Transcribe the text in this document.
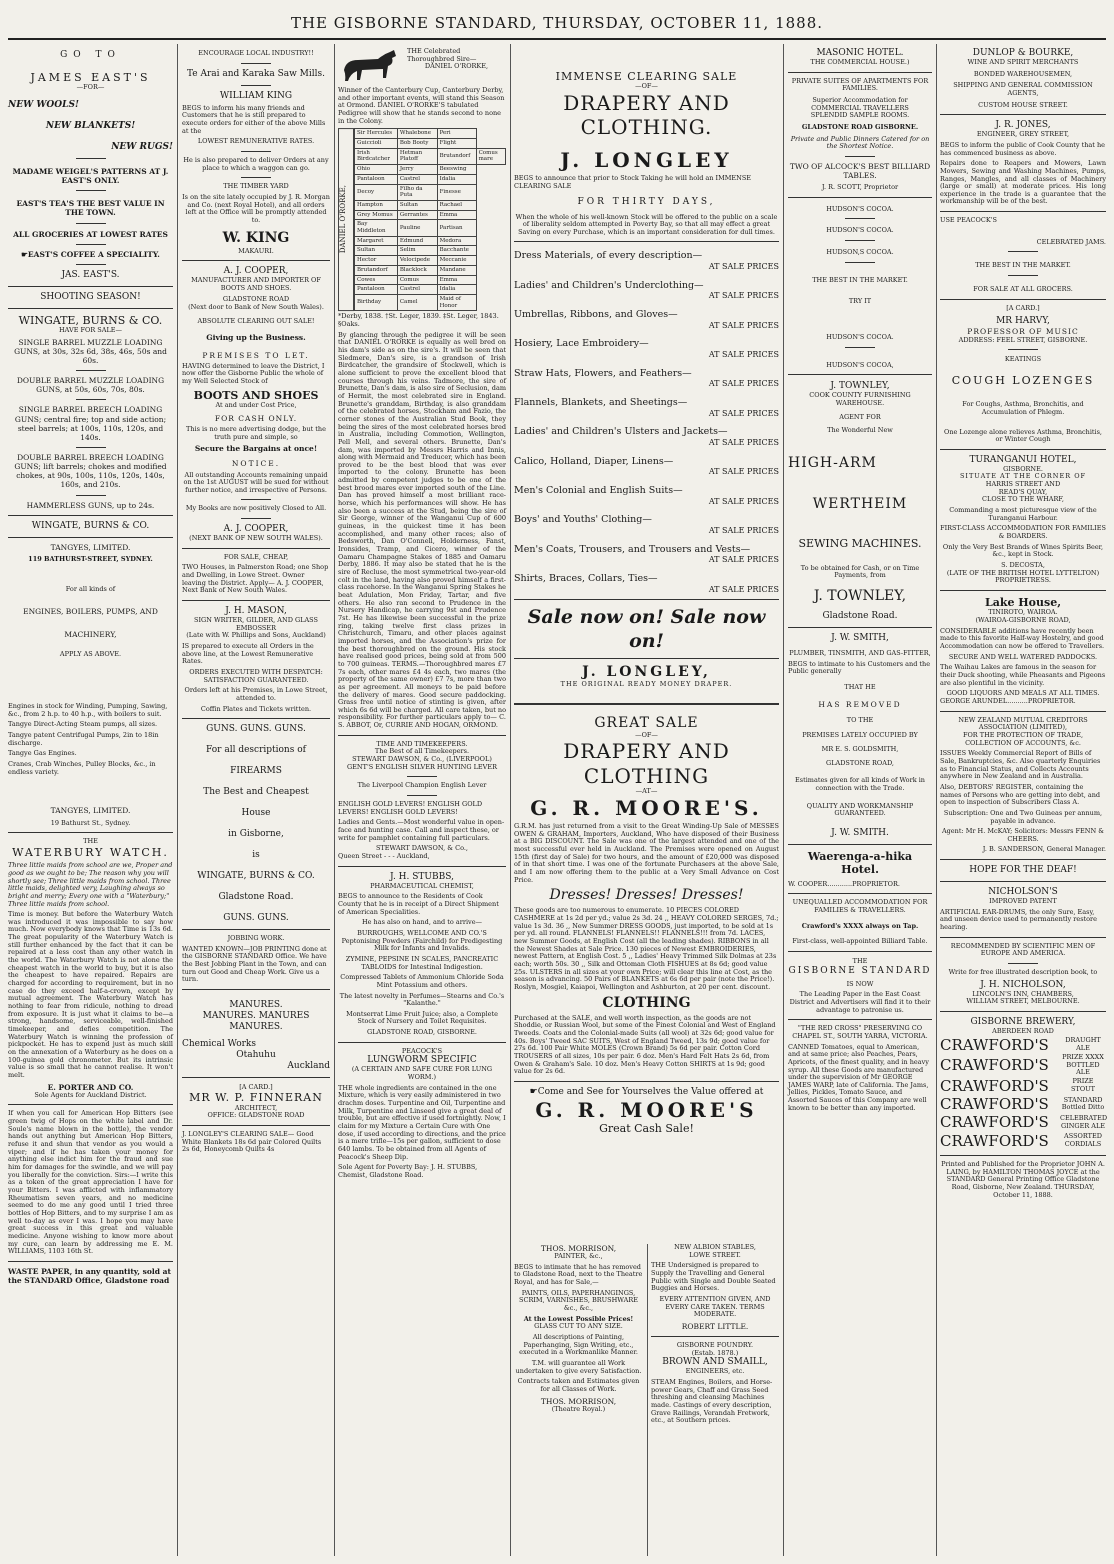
THE GISBORNE STANDARD, THURSDAY, OCTOBER 11, 1888.
GO TO
JAMES EAST'S
—FOR—
NEW WOOLS!
NEW BLANKETS!
NEW RUGS!
MADAME WEIGEL'S PATTERNS AT J. EAST'S ONLY.
EAST'S TEA'S THE BEST VALUE IN THE TOWN.
ALL GROCERIES AT LOWEST RATES
☛EAST'S COFFEE A SPECIALITY.
JAS. EAST'S.
SHOOTING SEASON!
WINGATE, BURNS & CO.
HAVE FOR SALE—

SINGLE BARREL MUZZLE LOADING GUNS, at 30s, 32s 6d, 38s, 46s, 50s and 60s.

DOUBLE BARREL MUZZLE LOADING GUNS, at 50s, 60s, 70s, 80s.

SINGLE BARREL BREECH LOADING GUNS; central fire; top and side action; steel barrels; at 100s, 110s, 120s, and 140s.

DOUBLE BARREL BREECH LOADING GUNS; lift barrels; chokes and modified chokes, at 90s, 100s, 110s, 120s, 140s, 160s, and 210s.

HAMMERLESS GUNS, up to 24s.

WINGATE, BURNS & CO.
TANGYES, LIMITED.
119 BATHURST-STREET, SYDNEY.
For all kinds of
ENGINES, BOILERS, PUMPS, AND
MACHINERY,
APPLY AS ABOVE.

Engines in stock for Winding, Pumping, Sawing, &c., from 2 h.p. to 40 h.p., with boilers to suit.

Tangye Direct-Acting Steam pumps, all sizes.

Tangye patent Centrifugal Pumps, 2in to 18in discharge.

Tangye Gas Engines.

Cranes, Crab Winches, Pulley Blocks, &c., in endless variety.

TANGYES, LIMITED.
19 Bathurst St., Sydney.
THE
WATERBURY WATCH.

Three little maids from school are we, Proper and good as we ought to be; The reason why you will shortly see; Three little maids from school. Three little maids, delighted very, Laughing always so bright and merry; Every one with a "Waterbury;" Three little maids from school.

Time is money. But before the Waterbury Watch was introduced it was impossible to say how much. Now everybody knows that Time is 13s 6d. The great popularity of the Waterbury Watch is still further enhanced by the fact that it can be repaired at a less cost than any other watch in the world. The Waterbury Watch is not alone the cheapest watch in the world to buy, but it is also the cheapest to have repaired. Repairs are charged for according to requirement, but in no case do they exceed half-a-crown, except by mutual agreement. The Waterbury Watch has nothing to fear from ridicule, nothing to dread from exposure. It is just what it claims to be—a strong, handsome, serviceable, well-finished timekeeper, and defies competition. The Waterbury Watch is winning the profession of pickpocket. He has to expend just as much skill on the annexation of a Waterbury as he does on a 100-guinea gold chronometer. But its intrinsic value is so small that he cannot realise. It won't melt.

E. PORTER AND CO.
Sole Agents for Auckland District.

If when you call for American Hop Bitters (see green twig of Hops on the white label and Dr. Soule's name blown in the bottle), the vendor hands out anything but American Hop Bitters, refuse it and shun that vendor as you would a viper; and if he has taken your money for anything else indict him for the fraud and sue him for damages for the swindle, and we will pay you liberally for the conviction. Sirs:—I write this as a token of the great appreciation I have for your Bitters. I was afflicted with inflammatory Rheumatism seven years, and no medicine seemed to do me any good until I tried three bottles of Hop Bitters, and to my surprise I am as well to-day as ever I was. I hope you may have great success in this great and valuable medicine. Anyone wishing to know more about my cure, can learn by addressing me E. M. WILLIAMS, 1103 16th St.

WASTE PAPER, in any quantity, sold at the STANDARD Office, Gladstone road

ENCOURAGE LOCAL INDUSTRY!!
Te Arai and Karaka Saw Mills.
WILLIAM KING

BEGS to inform his many friends and Customers that he is still prepared to execute orders for either of the above Mills at the

LOWEST REMUNERATIVE RATES.

He is also prepared to deliver Orders at any place to which a waggon can go.

THE TIMBER YARD

Is on the site lately occupied by J. R. Morgan and Co. (next Royal Hotel), and all orders left at the Office will be promptly attended to.

W. KING
MAKAURI.
A. J. COOPER,
MANUFACTURER AND IMPORTER OF BOOTS AND SHOES.
GLADSTONE ROAD
(Next door to Bank of New South Wales).
ABSOLUTE CLEARING OUT SALE!
Giving up the Business.
PREMISES TO LET.

HAVING determined to leave the District, I now offer the Gisborne Public the whole of my Well Selected Stock of

BOOTS AND SHOES
At and under Cost Price,
FOR CASH ONLY.

This is no mere advertising dodge, but the truth pure and simple, so

Secure the Bargains at once!
NOTICE.

All outstanding Accounts remaining unpaid on the 1st AUGUST will be sued for without further notice, and irrespective of Persons.

My Books are now positively Closed to All.

A. J. COOPER,
(NEXT BANK OF NEW SOUTH WALES).
FOR SALE, CHEAP,

TWO Houses, in Palmerston Road; one Shop and Dwelling, in Lowe Street. Owner leaving the District. Apply— A. J. COOPER, Next Bank of New South Wales.

J. H. MASON,
SIGN WRITER, GILDER, AND GLASS EMBOSSER
(Late with W. Phillips and Sons, Auckland)

IS prepared to execute all Orders in the above line, at the Lowest Remunerative Rates.

ORDERS EXECUTED WITH DESPATCH: SATISFACTION GUARANTEED.

Orders left at his Premises, in Lowe Street, attended to.

Coffin Plates and Tickets written.

GUNS. GUNS. GUNS.
For all descriptions of
FIREARMS
The Best and Cheapest
House
in Gisborne,
is
WINGATE, BURNS & CO.
Gladstone Road.
GUNS. GUNS.
JOBBING WORK.

WANTED KNOWN—JOB PRINTING done at the GISBORNE STANDARD Office. We have the Best Jobbing Plant in the Town, and can turn out Good and Cheap Work. Give us a turn.

MANURES.
MANURES. MANURES
MANURES.
Chemical Works
Otahuhu
Auckland
[A CARD.]
MR W. P. FINNERAN
ARCHITECT,
OFFICE: GLADSTONE ROAD

J. LONGLEY'S CLEARING SALE— Good White Blankets 18s 6d pair Colored Quilts 2s 6d, Honeycomb Quilts 4s

THE Celebrated Thoroughbred Sire—
DANIEL O'RORKE,

Winner of the Canterbury Cup, Canterbury Derby, and other important events, will stand this Season at Ormond. DANIEL O'RORKE'S tabulated Pedigree will show that he stands second to none in the Colony.

DANIEL O'RORKE,
Sir Hercules	Whalebone	Peri	
Guiccioli	Bob Booty	Flight	
Irish Birdcatcher	Hetman Platoff	Brutandorf	Comus mare
Ohio	Jerry	Beeswing	
Pantaloon	Castrel	Idalia	
Decoy	Filho da Puta	Finesse	
Hampton	Sultan	Rachael	
Grey Momus	Gerrantes	Emma	
Bay Middleton	Pauline	Partisan	
Margaret	Edmund	Medora	
Sultan	Selim	Bacchante	
Hector	Velocipede	Meccanie	
Brutandorf	Blacklock	Mandane	
Cowes	Comus	Emma	
Pantaloon	Castrel	Idalia	
Birthday	Camel	Maid of Honor	
*Derby, 1838. †St. Leger, 1839. ‡St. Leger, 1843. §Oaks.

By glancing through the pedigree it will be seen that DANIEL O'RORKE is equally as well bred on his dam's side as on the sire's. It will be seen that Sledmere, Dan's sire, is a grandson of Irish Birdcatcher, the grandsire of Stockwell, which is alone sufficient to prove the excellent blood that courses through his veins. Tadmore, the sire of Brunette, Dan's dam, is also sire of Seclusion, dam of Hermit, the most celebrated sire in England. Brunette's granddam, Birthday, is also granddam of the celebrated horses, Stockham and Fazio, the corner stones of the Australian Stud Book, they being the sires of the most celebrated horses bred in Australia, including Commotion, Wellington, Pell Mell, and several others. Brunette, Dan's dam, was imported by Messrs Harris and Innis, along with Mermaid and Treducer, which has been proved to be the best blood that was ever imported to the colony. Brunette has been admitted by competent judges to be one of the best brood mares ever imported south of the Line. Dan has proved himself a most brilliant race-horse, which his performances will show. He has also been a success at the Stud, being the sire of Sir George, winner of the Wanganui Cup of 600 guineas, in the quickest time it has been accomplished, and many other races; also of Bedsworth, Dan O'Connell, Holderness, Fanst, Ironsides, Tramp, and Cicero, winner of the Oamaru Champagne Stakes of 1885 and Oamaru Derby, 1886. It may also be stated that he is the sire of Recluse, the most symmetrical two-year-old colt in the land, having also proved himself a first-class racehorse. In the Wanganui Spring Stakes he beat Adulation, Mon Friday, Tartar, and five others. He also ran second to Prudence in the Nursery Handicap, he carrying 9st and Prudence 7st. He has likewise been successful in the prize ring, taking twelve first class prizes in Christchurch, Timaru, and other places against imported horses, and the Association's prize for the best thoroughbred on the ground. His stock have realised good prices, being sold at from 500 to 700 guineas. TERMS.—Thoroughbred mares £7 7s each, other mares £4 4s each, two mares (the property of the same owner) £7 7s, more than two as per agreement. All moneys to be paid before the delivery of mares. Good secure paddocking. Grass free until notice of stinting is given, after which 6s 6d will be charged. All care taken, but no responsibility. For further particulars apply to— C. S. ABBOT, Or, CURRIE AND HOGAN, ORMOND.

TIME AND TIMEKEEPERS.
The Best of all Timekeepers.
STEWART DAWSON, & Co., (LIVERPOOL)
GENT'S ENGLISH SILVER HUNTING LEVER
The Liverpool Champion English Lever
ENGLISH GOLD LEVERS! ENGLISH GOLD LEVERS! ENGLISH GOLD LEVERS!

Ladies and Gents.—Most wonderful value in open-face and hunting case. Call and inspect these, or write for pamphlet containing full particulars.

STEWART DAWSON, & Co.,
Queen Street - - - Auckland,
J. H. STUBBS,
PHARMACEUTICAL CHEMIST,

BEGS to announce to the Residents of Cook County that he is in receipt of a Direct Shipment of American Specialities.

He has also on hand, and to arrive—

BURROUGHS, WELLCOME AND CO.'S Peptonising Powders (Fairchild) for Predigesting Milk for Infants and Invalids.

ZYMINE, PEPSINE IN SCALES, PANCREATIC TABLOIDS for Intestinal Indigestion.

Compressed Tablets of Ammonium Chloride Soda Mint Potassium and others.

The latest novelty in Perfumes—Stearns and Co.'s "Kalanthe."

Montserrat Lime Fruit Juice; also, a Complete Stock of Nursery and Toilet Requisites.

GLADSTONE ROAD, GISBORNE.
PEACOCK'S
LUNGWORM SPECIFIC
(A CERTAIN AND SAFE CURE FOR LUNG WORM.)

THE whole ingredients are contained in the one Mixture, which is very easily administered in two drachm doses. Turpentine and Oil, Turpentine and Milk, Turpentine and Linseed give a great deal of trouble, but are effective if used fortnightly. Now, I claim for my Mixture a Certain Cure with One dose, if used according to directions, and the price is a mere trifle—15s per gallon, sufficient to dose 640 lambs. To be obtained from all Agents of Peacock's Sheep Dip.

Sole Agent for Poverty Bay: J. H. STUBBS, Chemist, Gladstone Road.
IMMENSE CLEARING SALE
—OF—
DRAPERY AND CLOTHING.
J. LONGLEY

BEGS to announce that prior to Stock Taking he will hold an IMMENSE CLEARING SALE

FOR THIRTY DAYS,

When the whole of his well-known Stock will be offered to the public on a scale of liberality seldom attempted in Poverty Bay, so that all may effect a great Saving on every Purchase, which is an important consideration for dull times.

Dress Materials, of every description—
AT SALE PRICES
Ladies' and Children's Underclothing—
AT SALE PRICES
Umbrellas, Ribbons, and Gloves—
AT SALE PRICES
Hosiery, Lace Embroidery—
AT SALE PRICES
Straw Hats, Flowers, and Feathers—
AT SALE PRICES
Flannels, Blankets, and Sheetings—
AT SALE PRICES
Ladies' and Children's Ulsters and Jackets—
AT SALE PRICES
Calico, Holland, Diaper, Linens—
AT SALE PRICES
Men's Colonial and English Suits—
AT SALE PRICES
Boys' and Youths' Clothing—
AT SALE PRICES
Men's Coats, Trousers, and Trousers and Vests—
AT SALE PRICES
Shirts, Braces, Collars, Ties—
AT SALE PRICES
Sale now on! Sale now on!
J. LONGLEY,
THE ORIGINAL READY MONEY DRAPER.
GREAT SALE
—OF—
DRAPERY AND CLOTHING
—AT—
G. R. MOORE'S.

G.R.M. has just returned from a visit to the Great Winding-Up Sale of MESSES OWEN & GRAHAM, Importers, Auckland, Who have disposed of their Business at a BIG DISCOUNT. The Sale was one of the largest attended and one of the most successful ever held in Auckland. The Premises were opened on August 15th (first day of Sale) for two hours, and the amount of £20,000 was disposed of in that short time. I was one of the fortunate Purchasers at the above Sale, and I am now offering them to the public at a Very Small Advance on Cost Price.

Dresses! Dresses! Dresses!

These goods are too numerous to enumerate. 10 PIECES COLORED CASHMERE at 1s 2d per yd.; value 2s 3d. 24 ,, HEAVY COLORED SERGES, 7d.; value 1s 3d. 36 ,, New Summer DRESS GOODS, just imported, to be sold at 1s per yd. all round. FLANNELS! FLANNELS!! FLANNELS!!! from 7d. LACES, new Summer Goods, at English Cost (all the leading shades). RIBBONS in all the Newest Shades at Sale Price. 130 pieces of Newest EMBROIDERIES, newest Pattern, at English Cost. 5 ,, Ladies' Heavy Trimmed Silk Dolmas at 23s each; worth 50s. 30 ,, Silk and Ottoman Cloth FISHUES at 8s 6d; good value 25s. ULSTERS in all sizes at your own Price; will clear this line at Cost, as the season is advancing. 50 Pairs of BLANKETS at 6s 6d per pair (note the Price!). Roslyn, Mosgiel, Kaiapoi, Wellington and Ashburton, at 20 per cent. discount.

CLOTHING

Purchased at the SALE, and well worth inspection, as the goods are not Shoddie, or Russian Wool, but some of the Finest Colonial and West of England Tweeds. Coats and the Colonial-made Suits (all wool) at 32s 6d; good value for 40s. Boys' Tweed SAC SUITS, West of England Tweed, 13s 9d; good value for 27s 6d. 100 Pair White MOLES (Crown Brand) 5s 6d per pair. Cotton Cord TROUSERS of all sizes, 10s per pair. 6 doz. Men's Hard Felt Hats 2s 6d, from Owen & Graham's Sale. 10 doz. Men's Heavy Cotton SHIRTS at 1s 9d; good value for 2s 6d.

☛Come and See for Yourselves the Value offered at
G. R. MOORE'S
Great Cash Sale!
THOS. MORRISON,
PAINTER, &c.,

BEGS to intimate that he has removed to Gladstone Road, next to the Theatre Royal, and has for Sale,—

PAINTS, OILS, PAPERHANGINGS, SCRIM, VARNISHES, BRUSHWARE &c., &c.,

At the Lowest Possible Prices!
GLASS CUT TO ANY SIZE.

All descriptions of Painting, Paperhanging, Sign Writing, etc., executed in a Workmanlike Manner.

T.M. will guarantee all Work undertaken to give every Satisfaction.

Contracts taken and Estimates given for all Classes of Work.

THOS. MORRISON,
(Theatre Royal.)
NEW ALBION STABLES,
LOWE STREET.

THE Undersigned is prepared to Supply the Travelling and General Public with Single and Double Seated Buggies and Horses.

EVERY ATTENTION GIVEN, AND EVERY CARE TAKEN. TERMS MODERATE.

ROBERT LITTLE.
GISBORNE FOUNDRY.
(Estab. 1878.)
BROWN AND SMAILL,
ENGINEERS, etc.

STEAM Engines, Boilers, and Horse-power Gears, Chaff and Grass Seed threshing and cleansing Machines made. Castings of every description, Grave Railings, Verandah Fretwork, etc., at Southern prices.

MASONIC HOTEL.
THE COMMERCIAL HOUSE.)
PRIVATE SUITES OF APARTMENTS FOR FAMILIES.
Superior Accommodation for COMMERCIAL TRAVELLERS
SPLENDID SAMPLE ROOMS.
GLADSTONE ROAD GISBORNE.
Private and Public Dinners Catered for on the Shortest Notice.
TWO OF ALCOCK'S BEST BILLIARD TABLES.
J. R. SCOTT, Proprietor
HUDSON'S COCOA.
HUDSON'S COCOA.
HUDSON,S COCOA.
THE BEST IN THE MARKET.
TRY IT
HUDSON'S COCOA.
HUDSON'S COCOA,
J. TOWNLEY,
COOK COUNTY FURNISHING WAREHOUSE.
AGENT FOR
The Wonderful New
HIGH-ARM
WERTHEIM
SEWING MACHINES.

To be obtained for Cash, or on Time Payments, from

J. TOWNLEY,
Gladstone Road.
J. W. SMITH,
PLUMBER, TINSMITH, AND GAS-FITTER,

BEGS to intimate to his Customers and the Public generally

THAT HE
HAS REMOVED
TO THE
PREMISES LATELY OCCUPIED BY
MR E. S. GOLDSMITH,
GLADSTONE ROAD,

Estimates given for all kinds of Work in connection with the Trade.

QUALITY AND WORKMANSHIP GUARANTEED.
J. W. SMITH.
Waerenga-a-hika Hotel.
W. COOPER............PROPRIETOR.
UNEQUALLED ACCOMMODATION FOR FAMILIES & TRAVELLERS.
Crawford's XXXX always on Tap.
First-class, well-appointed Billiard Table.
THE
GISBORNE STANDARD
IS NOW

The Leading Paper in the East Coast District and Advertisers will find it to their advantage to patronise us.

"THE RED CROSS" PRESERVING CO
CHAPEL ST., SOUTH YARRA, VICTORIA.

CANNED Tomatoes, equal to American, and at same price; also Peaches, Pears, Apricots, of the finest quality, and in heavy syrup. All these Goods are manufactured under the supervision of Mr GEORGE JAMES WARP, late of California. The Jams, Jellies, Pickles, Tomato Sauce, and Assorted Sauces of this Company are well known to be better than any imported.

DUNLOP & BOURKE,
WINE AND SPIRIT MERCHANTS
BONDED WAREHOUSEMEN,
SHIPPING AND GENERAL COMMISSION AGENTS,
CUSTOM HOUSE STREET.
J. R. JONES,
ENGINEER, GREY STREET,

BEGS to inform the public of Cook County that he has commenced business as above.

Repairs done to Reapers and Mowers, Lawn Mowers, Sewing and Washing Machines, Pumps, Ranges, Mangles, and all classes of Machinery (large or small) at moderate prices. His long experience in the trade is a guarantee that the workmanship will be of the best.

USE PEACOCK'S
CELEBRATED JAMS.
THE BEST IN THE MARKET.
FOR SALE AT ALL GROCERS.
[A CARD.]
MR HARVY,
PROFESSOR OF MUSIC
ADDRESS: FEEL STREET, GISBORNE.
KEATINGS
COUGH LOZENGES

For Coughs, Asthma, Bronchitis, and Accumulation of Phlegm.

One Lozenge alone relieves Asthma, Bronchitis, or Winter Cough

TURANGANUI HOTEL,
GISBORNE.
SITUATE AT THE CORNER OF
HARRIS STREET AND
READ'S QUAY,
CLOSE TO THE WHARF,

Commanding a most picturesque view of the Turanganui Harbour.

FIRST-CLASS ACCOMMODATION FOR FAMILIES & BOARDERS.

Only the Very Best Brands of Wines Spirits Beer, &c., kept in Stock.

S. DECOSTA,
(LATE OF THE BRITISH HOTEL LYTTELTON)
PROPRIETRESS.
Lake House,
TINIROTO, WAIROA.
(WAIROA-GISBORNE ROAD,

CONSIDERABLE additions have recently been made to this favorite Half-way Hostelry, and good Accommodation can now be offered to Travellers.

SECURE AND WELL WATERED PADDOCKS.

The Waihau Lakes are famous in the season for their Duck shooting, while Pheasants and Pigeons are also plentiful in the vicinity.

GOOD LIQUORS AND MEALS AT ALL TIMES.
GEORGE ARUNDEL..........PROPRIETOR.
NEW ZEALAND MUTUAL CREDITORS ASSOCIATION (LIMITED),
FOR THE PROTECTION OF TRADE, COLLECTION OF ACCOUNTS, &c.

ISSUES Weekly Commercial Report of Bills of Sale, Bankruptcies, &c. Also quarterly Enquiries as to Financial Status, and Collects Accounts anywhere in New Zealand and in Australia.

Also, DEBTORS' REGISTER, containing the names of Persons who are getting into debt, and open to inspection of Subscribers Class A.

Subscription: One and Two Guineas per annum, payable in advance.

Agent: Mr H. McKAY; Solicitors: Messrs FENN & CHEERS.

J. B. SANDERSON, General Manager.
HOPE FOR THE DEAF!
NICHOLSON'S
IMPROVED PATENT

ARTIFICIAL EAR-DRUMS, the only Sure, Easy, and unseen device used to permanently restore hearing.

RECOMMENDED BY SCIENTIFIC MEN OF EUROPE AND AMERICA.

Write for free illustrated description book, to

J. H. NICHOLSON,
LINCOLN'S INN, CHAMBERS,
WILLIAM STREET, MELBOURNE.
GISBORNE BREWERY,
ABERDEEN ROAD
CRAWFORD'S	DRAUGHT ALE
CRAWFORD'S	PRIZE XXXX BOTTLED ALE
CRAWFORD'S	PRIZE STOUT
CRAWFORD'S	STANDARD Bottled Ditto
CRAWFORD'S CELEBRATED GINGER ALE
CRAWFORD'S	ASSORTED CORDIALS

Printed and Published for the Proprietor JOHN A. LAING, by HAMILTON THOMAS JOYCE at the STANDARD General Printing Office Gladstone Road, Gisborne, New Zealand. THURSDAY, October 11, 1888.
